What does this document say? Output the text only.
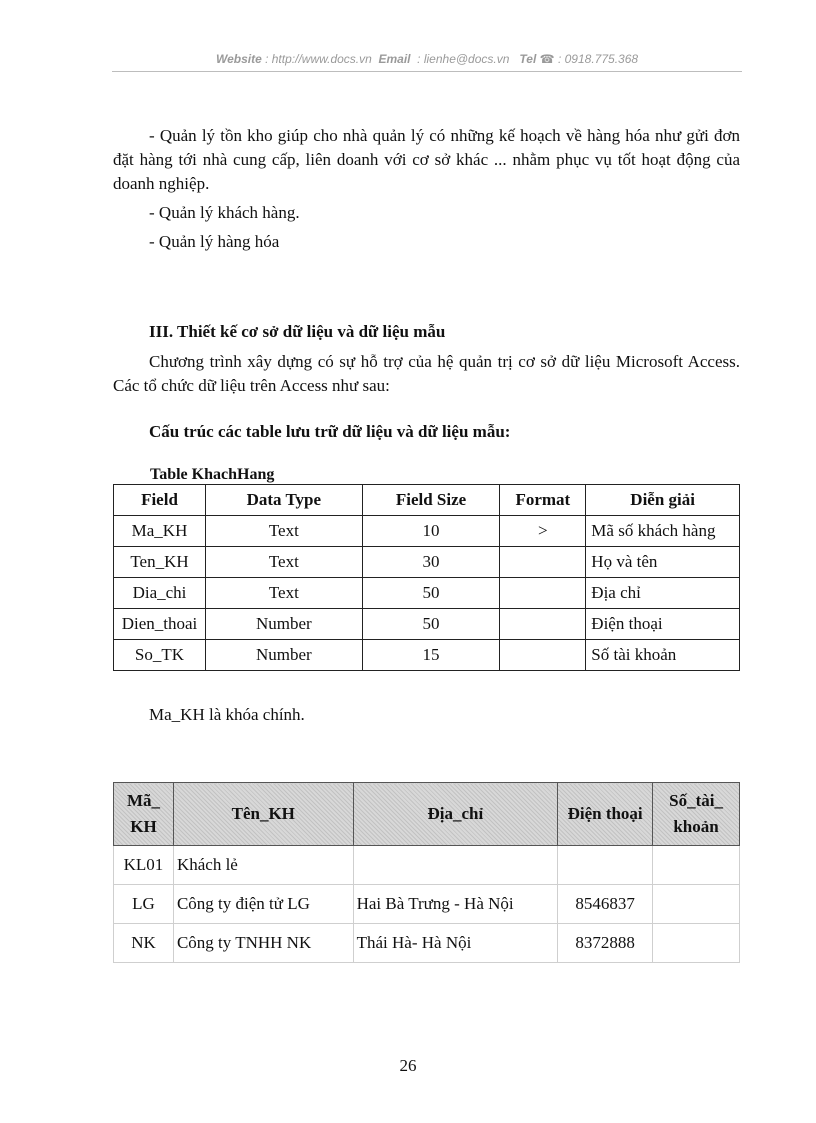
Website : http://www.docs.vn Email : lienhe@docs.vn Tel ☎ : 0918.775.368
- Quản lý tồn kho giúp cho nhà quản lý có những kế hoạch về hàng hóa như gửi đơn đặt hàng tới nhà cung cấp, liên doanh với cơ sở khác ... nhằm phục vụ tốt hoạt động của doanh nghiệp.
- Quản lý khách hàng.
- Quản lý hàng hóa
III. Thiết kế cơ sở dữ liệu và dữ liệu mẫu
Chương trình xây dựng có sự hỗ trợ của hệ quản trị cơ sở dữ liệu Microsoft Access. Các tổ chức dữ liệu trên Access như sau:
Cấu trúc các table lưu trữ dữ liệu và dữ liệu mẫu:
Table KhachHang
Field	Data Type	Field Size	Format	Diễn giải
Ma_KH	Text	10	>	Mã số khách hàng
Ten_KH	Text	30		Họ và tên
Dia_chi	Text	50		Địa chỉ
Dien_thoai	Number	50		Điện thoại
So_TK	Number	15		Số tài khoản
Ma_KH là khóa chính.
Mã_
KH	Tên_KH	Địa_chỉ	Điện thoại	Số_tài_
khoản
KL01	Khách lẻ			
LG	Công ty điện tử LG	Hai Bà Trưng - Hà Nội	8546837	
NK	Công ty TNHH NK	Thái Hà- Hà Nội	8372888	
26
